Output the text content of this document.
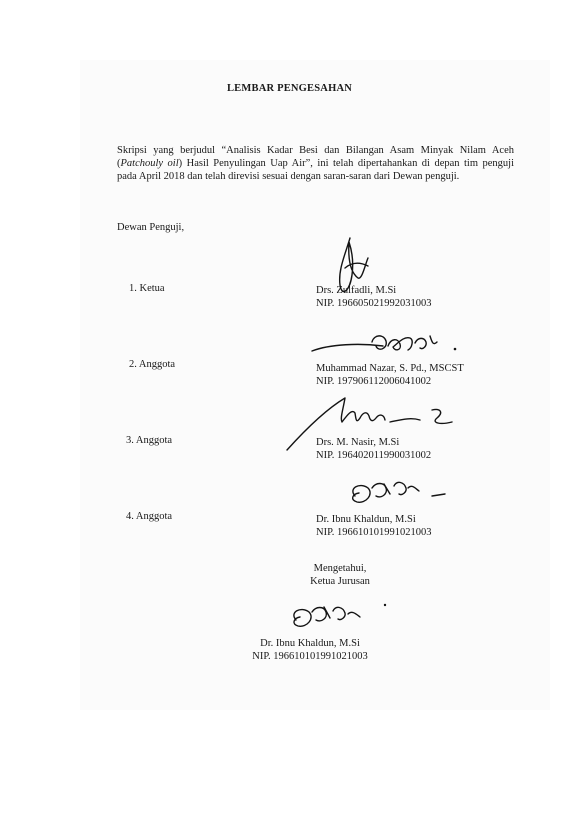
LEMBAR PENGESAHAN
Skripsi yang berjudul “Analisis Kadar Besi dan Bilangan Asam Minyak Nilam Aceh (Patchouly oil) Hasil Penyulingan Uap Air”, ini telah dipertahankan di depan tim penguji pada April 2018 dan telah direvisi sesuai dengan saran-saran dari Dewan penguji.
Dewan Penguji,
1. Ketua	Drs. Zulfadli, M.Si
NIP. 196605021992031003
2. Anggota	Muhammad Nazar, S. Pd., MSCST
NIP. 197906112006041002
3. Anggota	Drs. M. Nasir, M.Si
NIP. 196402011990031002
4. Anggota	Dr. Ibnu Khaldun, M.Si
NIP. 196610101991021003
Mengetahui,
Ketua Jurusan
Dr. Ibnu Khaldun, M.Si
NIP. 196610101991021003
